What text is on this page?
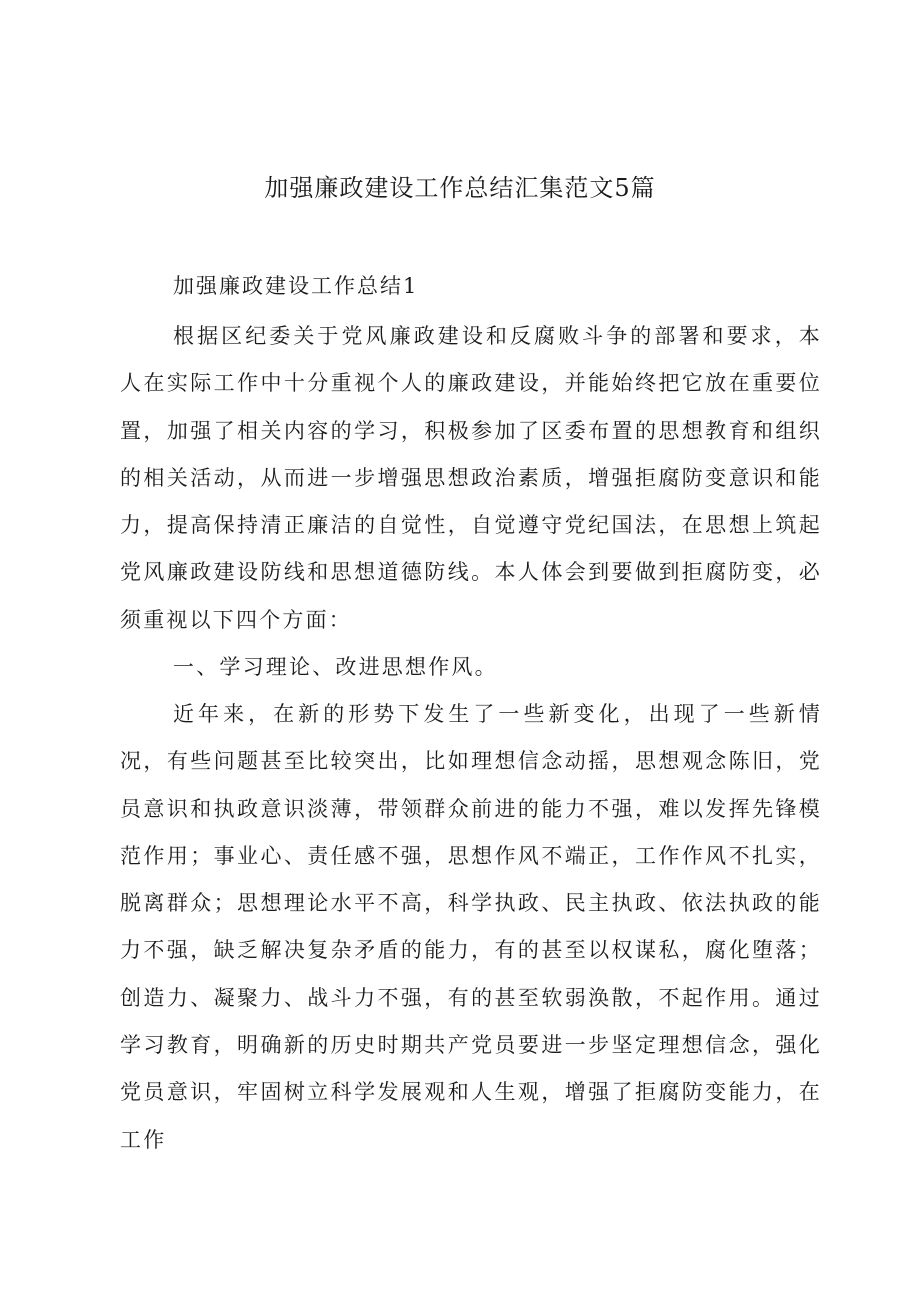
加强廉政建设工作总结汇集范文5篇
加强廉政建设工作总结1

根据区纪委关于党风廉政建设和反腐败斗争的部署和要求，本人在实际工作中十分重视个人的廉政建设，并能始终把它放在重要位置，加强了相关内容的学习，积极参加了区委布置的思想教育和组织的相关活动，从而进一步增强思想政治素质，增强拒腐防变意识和能力，提高保持清正廉洁的自觉性，自觉遵守党纪国法，在思想上筑起党风廉政建设防线和思想道德防线。本人体会到要做到拒腐防变，必须重视以下四个方面：

一、学习理论、改进思想作风。

近年来，在新的形势下发生了一些新变化，出现了一些新情况，有些问题甚至比较突出，比如理想信念动摇，思想观念陈旧，党员意识和执政意识淡薄，带领群众前进的能力不强，难以发挥先锋模范作用；事业心、责任感不强，思想作风不端正，工作作风不扎实，脱离群众；思想理论水平不高，科学执政、民主执政、依法执政的能力不强，缺乏解决复杂矛盾的能力，有的甚至以权谋私，腐化堕落；创造力、凝聚力、战斗力不强，有的甚至软弱涣散，不起作用。通过学习教育，明确新的历史时期共产党员要进一步坚定理想信念，强化党员意识，牢固树立科学发展观和人生观，增强了拒腐防变能力，在工作
